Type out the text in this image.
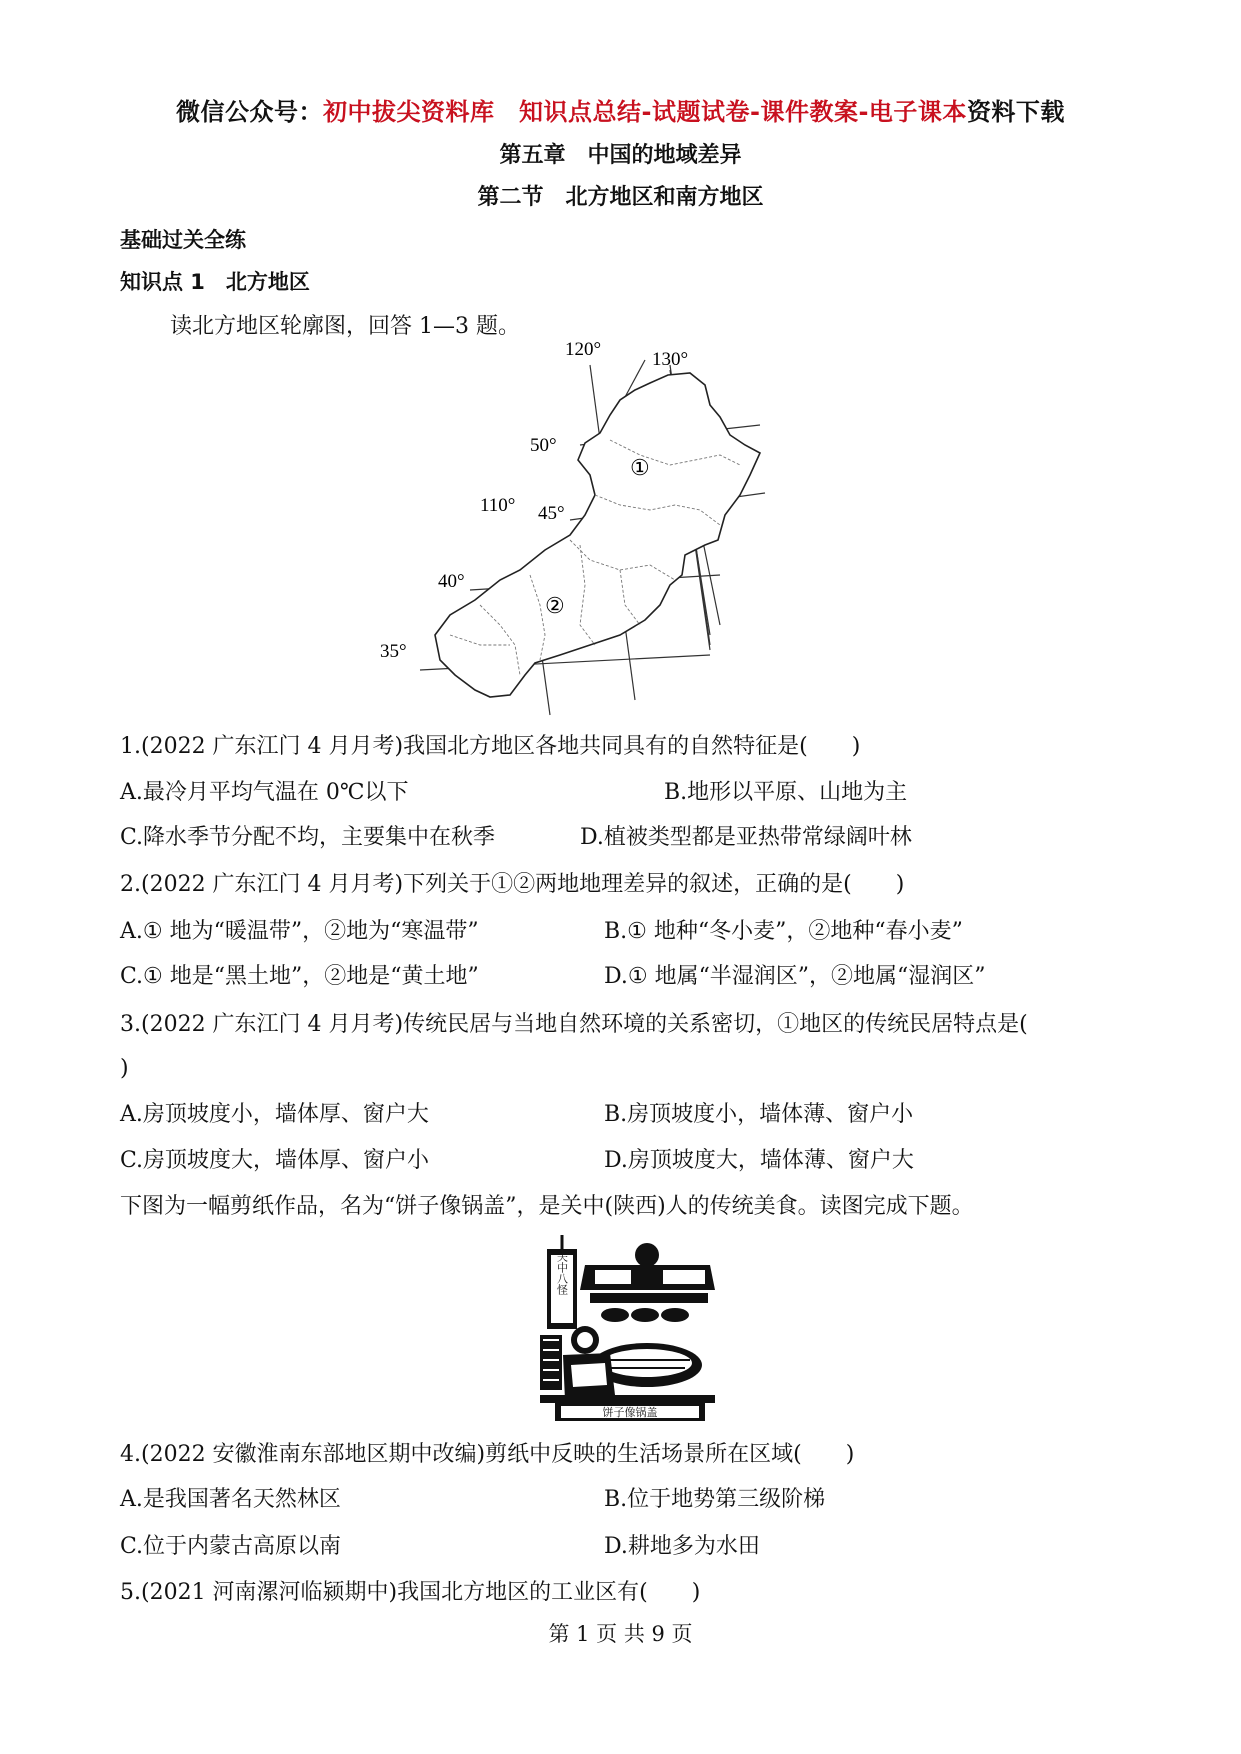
微信公众号：初中拔尖资料库　知识点总结-试题试卷-课件教案-电子课本资料下载
第五章　中国的地域差异
第二节　北方地区和南方地区
基础过关全练
知识点 1　北方地区
读北方地区轮廓图，回答 1—3 题。
120°	130°
110°
50°
45°
40°
35°
①
②
1.(2022 广东江门 4 月月考)我国北方地区各地共同具有的自然特征是(　　)
A.最冷月平均气温在 0℃以下	B.地形以平原、山地为主
C.降水季节分配不均，主要集中在秋季	D.植被类型都是亚热带常绿阔叶林
2.(2022 广东江门 4 月月考)下列关于①②两地地理差异的叙述，正确的是(　　)
A.① 地为“暖温带”，②地为“寒温带”	B.① 地种“冬小麦”，②地种“春小麦”
C.① 地是“黑土地”，②地是“黄土地”	D.① 地属“半湿润区”，②地属“湿润区”
3.(2022 广东江门 4 月月考)传统民居与当地自然环境的关系密切，①地区的传统民居特点是(
)
A.房顶坡度小，墙体厚、窗户大	B.房顶坡度小，墙体薄、窗户小
C.房顶坡度大，墙体厚、窗户小	D.房顶坡度大，墙体薄、窗户大
下图为一幅剪纸作品，名为“饼子像锅盖”，是关中(陕西)人的传统美食。读图完成下题。
关中八怪
饼子像锅盖
4.(2022 安徽淮南东部地区期中改编)剪纸中反映的生活场景所在区域(　　)
A.是我国著名天然林区	B.位于地势第三级阶梯
C.位于内蒙古高原以南	D.耕地多为水田
5.(2021 河南漯河临颍期中)我国北方地区的工业区有(　　)
第 1 页 共 9 页
